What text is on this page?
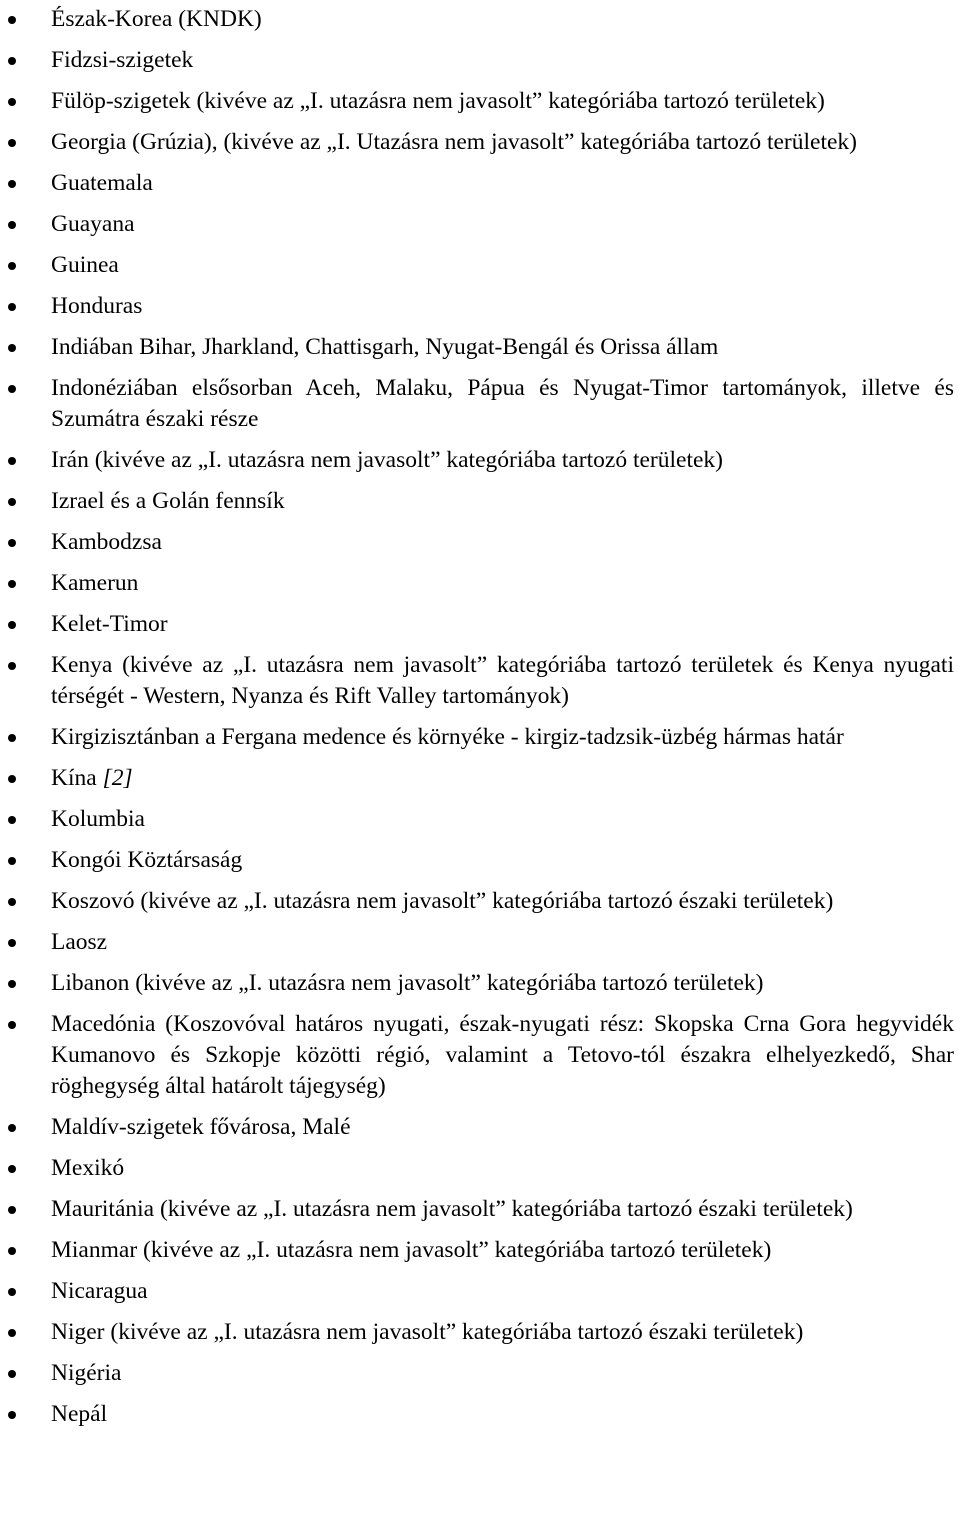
Észak-Korea (KNDK)
Fidzsi-szigetek
Fülöp-szigetek (kivéve az „I. utazásra nem javasolt” kategóriába tartozó területek)
Georgia (Grúzia), (kivéve az „I. Utazásra nem javasolt” kategóriába tartozó területek)
Guatemala
Guayana
Guinea
Honduras
Indiában Bihar, Jharkland, Chattisgarh, Nyugat-Bengál és Orissa állam
Indonéziában elsősorban Aceh, Malaku, Pápua és Nyugat-Timor tartományok, illetve és Szumátra északi része
Irán (kivéve az „I. utazásra nem javasolt” kategóriába tartozó területek)
Izrael és a Golán fennsík
Kambodzsa
Kamerun
Kelet-Timor
Kenya (kivéve az „I. utazásra nem javasolt” kategóriába tartozó területek és Kenya nyugati térségét - Western, Nyanza és Rift Valley tartományok)
Kirgizisztánban a Fergana medence és környéke - kirgiz-tadzsik-üzbég hármas határ
Kína [2]
Kolumbia
Kongói Köztársaság
Koszovó (kivéve az „I. utazásra nem javasolt” kategóriába tartozó északi területek)
Laosz
Libanon (kivéve az „I. utazásra nem javasolt” kategóriába tartozó területek)
Macedónia (Koszovóval határos nyugati, észak-nyugati rész: Skopska Crna Gora hegyvidék Kumanovo és Szkopje közötti régió, valamint a Tetovo-tól északra elhelyezkedő, Shar röghegység által határolt tájegység)
Maldív-szigetek fővárosa, Malé
Mexikó
Mauritánia (kivéve az „I. utazásra nem javasolt” kategóriába tartozó északi területek)
Mianmar (kivéve az „I. utazásra nem javasolt” kategóriába tartozó területek)
Nicaragua
Niger (kivéve az „I. utazásra nem javasolt” kategóriába tartozó északi területek)
Nigéria
Nepál
